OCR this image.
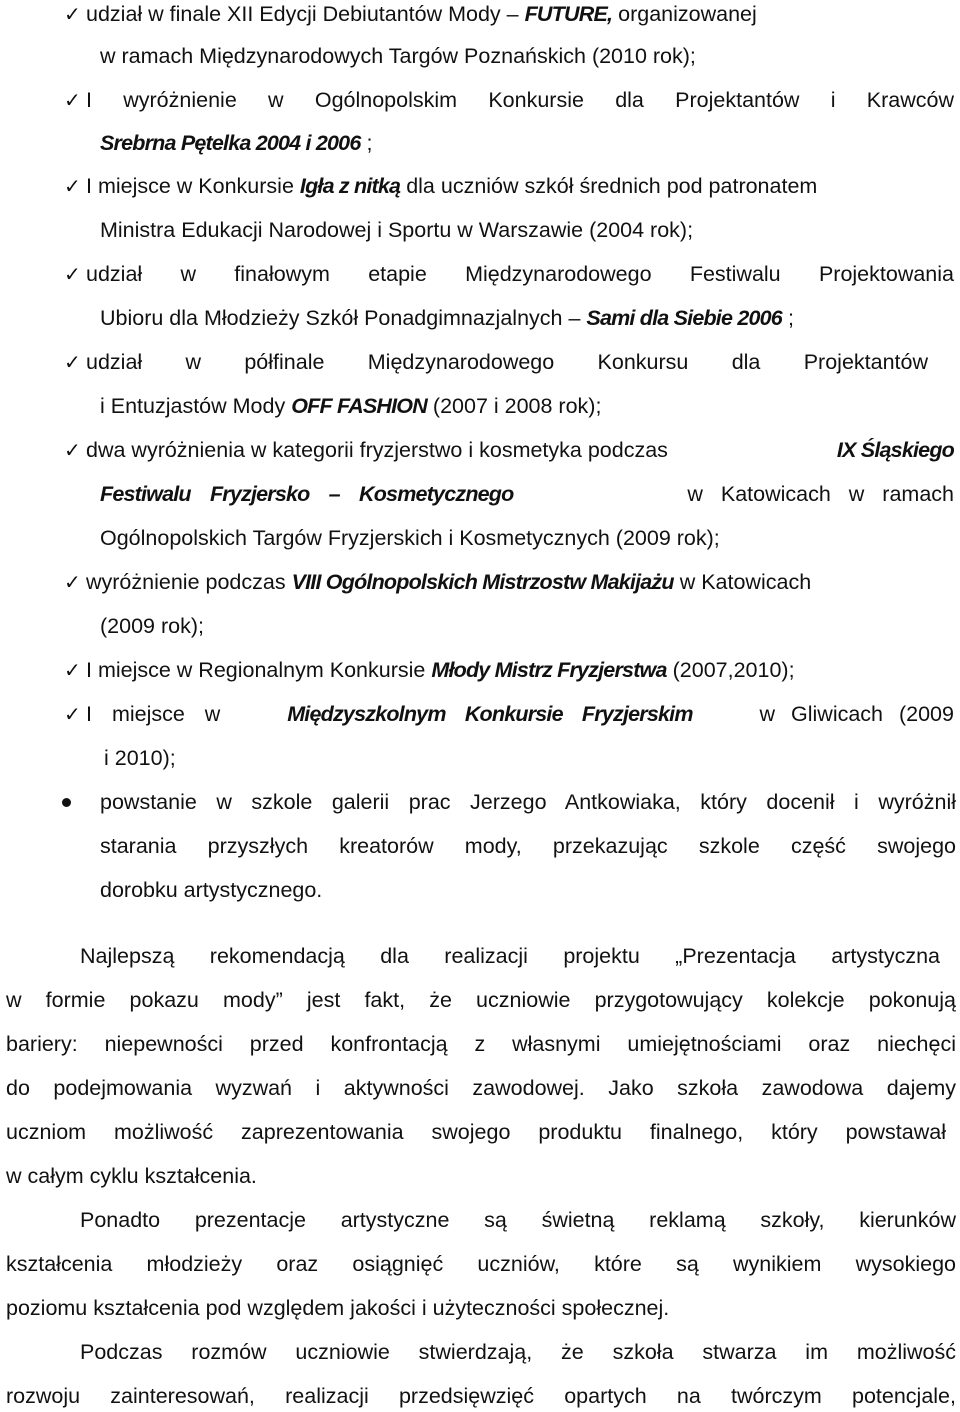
✓ udział w finale XII Edycji Debiutantów Mody – FUTURE, organizowanej
w ramach Międzynarodowych Targów Poznańskich (2010 rok);
✓ I wyróżnienie w Ogólnopolskim Konkursie dla Projektantów i Krawców
Srebrna Pętelka 2004 i 2006 ;
✓ I miejsce w Konkursie Igła z nitką dla uczniów szkół średnich pod patronatem
Ministra Edukacji Narodowej i Sportu w Warszawie (2004 rok);
✓ udział w finałowym etapie Międzynarodowego Festiwalu Projektowania
Ubioru dla Młodzieży Szkół Ponadgimnazjalnych – Sami dla Siebie 2006 ;
✓ udział w półfinale Międzynarodowego Konkursu dla Projektantów
i Entuzjastów Mody OFF FASHION (2007 i 2008 rok);
✓ dwa wyróżnienia w kategorii fryzjerstwo i kosmetyka podczas	IX Śląskiego
Festiwalu Fryzjersko – Kosmetycznego	w Katowicach w ramach
Ogólnopolskich Targów Fryzjerskich i Kosmetycznych (2009 rok);
✓ wyróżnienie podczas VIII Ogólnopolskich Mistrzostw Makijażu w Katowicach
(2009 rok);
✓ I miejsce w Regionalnym Konkursie Młody Mistrz Fryzjerstwa (2007,2010);
✓ I miejsce w	Międzyszkolnym Konkursie Fryzjerskim	w Gliwicach (2009
i 2010);
powstanie w szkole galerii prac Jerzego Antkowiaka, który docenił i wyróżnił
starania przyszłych kreatorów mody, przekazując szkole część swojego
dorobku artystycznego.
Najlepszą rekomendacją dla realizacji projektu „Prezentacja artystyczna
w formie pokazu mody” jest fakt, że uczniowie przygotowujący kolekcje pokonują
bariery: niepewności przed konfrontacją z własnymi umiejętnościami oraz niechęci
do podejmowania wyzwań i aktywności zawodowej. Jako szkoła zawodowa dajemy
uczniom możliwość zaprezentowania swojego produktu finalnego, który powstawał
w całym cyklu kształcenia.
Ponadto prezentacje artystyczne są świetną reklamą szkoły, kierunków
kształcenia młodzieży oraz osiągnięć uczniów, które są wynikiem wysokiego
poziomu kształcenia pod względem jakości i użyteczności społecznej.
Podczas rozmów uczniowie stwierdzają, że szkoła stwarza im możliwość
rozwoju zainteresowań, realizacji przedsięwzięć opartych na twórczym potencjale,
